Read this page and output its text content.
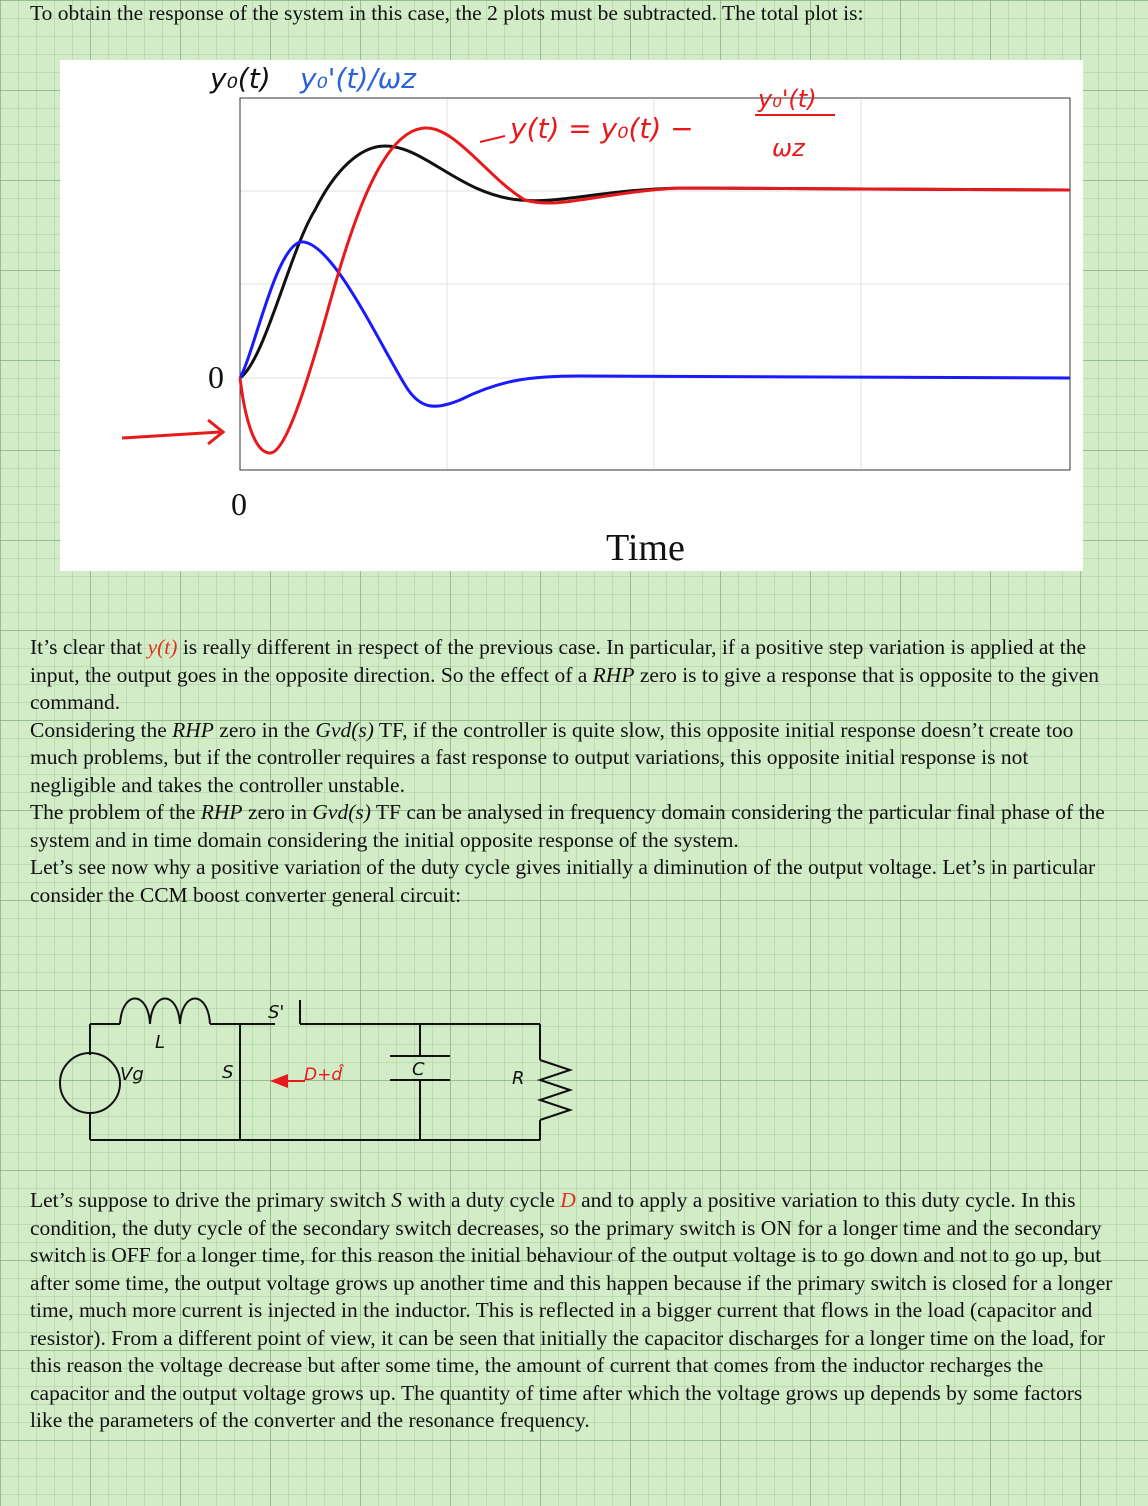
To obtain the response of the system in this case, the 2 plots must be subtracted. The total plot is:

y₀(t) y₀'(t)/ωz
y(t) = y₀(t) −
y₀'(t)
ωz
0
0
Time
It’s clear that y(t) is really different in respect of the previous case. In particular, if a positive step variation is applied at the input, the output goes in the opposite direction. So the effect of a RHP zero is to give a response that is opposite to the given command.
Considering the RHP zero in the Gvd(s) TF, if the controller is quite slow, this opposite initial response doesn’t create too much problems, but if the controller requires a fast response to output variations, this opposite initial response is not negligible and takes the controller unstable.
The problem of the RHP zero in Gvd(s) TF can be analysed in frequency domain considering the particular final phase of the system and in time domain considering the initial opposite response of the system.
Let’s see now why a positive variation of the duty cycle gives initially a diminution of the output voltage. Let’s in particular consider the CCM boost converter general circuit:
Vg
L
S
S'
C	R
D+d̂
Let’s suppose to drive the primary switch S with a duty cycle D and to apply a positive variation to this duty cycle. In this condition, the duty cycle of the secondary switch decreases, so the primary switch is ON for a longer time and the secondary switch is OFF for a longer time, for this reason the initial behaviour of the output voltage is to go down and not to go up, but after some time, the output voltage grows up another time and this happen because if the primary switch is closed for a longer time, much more current is injected in the inductor. This is reflected in a bigger current that flows in the load (capacitor and resistor). From a different point of view, it can be seen that initially the capacitor discharges for a longer time on the load, for this reason the voltage decrease but after some time, the amount of current that comes from the inductor recharges the capacitor and the output voltage grows up. The quantity of time after which the voltage grows up depends by some factors like the parameters of the converter and the resonance frequency.
